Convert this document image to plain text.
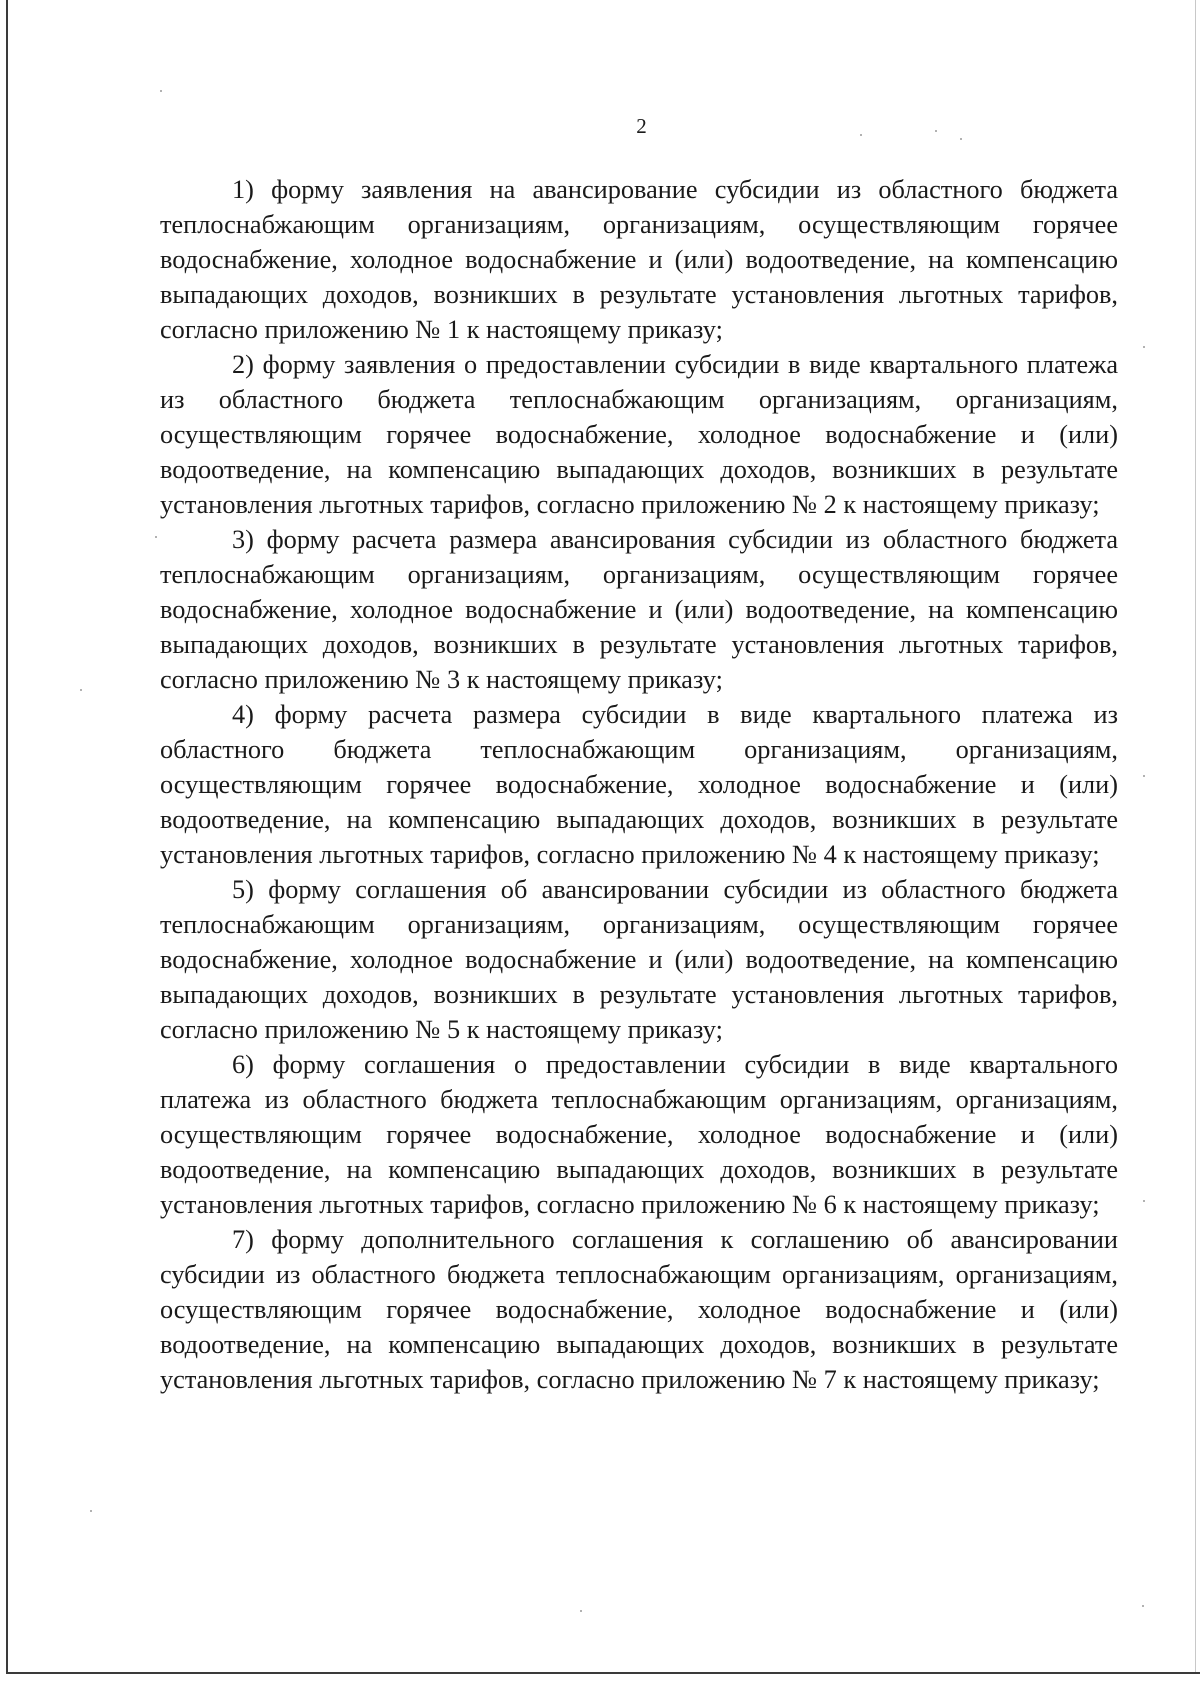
2

1) форму заявления на авансирование субсидии из областного бюджета теплоснабжающим организациям, организациям, осуществляющим горячее водоснабжение, холодное водоснабжение и (или) водоотведение, на компенсацию выпадающих доходов, возникших в результате установления льготных тарифов, согласно приложению № 1 к настоящему приказу;

2) форму заявления о предоставлении субсидии в виде квартального платежа из областного бюджета теплоснабжающим организациям, организациям, осуществляющим горячее водоснабжение, холодное водоснабжение и (или) водоотведение, на компенсацию выпадающих доходов, возникших в результате установления льготных тарифов, согласно приложению № 2 к настоящему приказу;

3) форму расчета размера авансирования субсидии из областного бюджета теплоснабжающим организациям, организациям, осуществляющим горячее водоснабжение, холодное водоснабжение и (или) водоотведение, на компенсацию выпадающих доходов, возникших в результате установления льготных тарифов, согласно приложению № 3 к настоящему приказу;

4) форму расчета размера субсидии в виде квартального платежа из областного бюджета теплоснабжающим организациям, организациям, осуществляющим горячее водоснабжение, холодное водоснабжение и (или) водоотведение, на компенсацию выпадающих доходов, возникших в результате установления льготных тарифов, согласно приложению № 4 к настоящему приказу;

5) форму соглашения об авансировании субсидии из областного бюджета теплоснабжающим организациям, организациям, осуществляющим горячее водоснабжение, холодное водоснабжение и (или) водоотведение, на компенсацию выпадающих доходов, возникших в результате установления льготных тарифов, согласно приложению № 5 к настоящему приказу;

6) форму соглашения о предоставлении субсидии в виде квартального платежа из областного бюджета теплоснабжающим организациям, организациям, осуществляющим горячее водоснабжение, холодное водоснабжение и (или) водоотведение, на компенсацию выпадающих доходов, возникших в результате установления льготных тарифов, согласно приложению № 6 к настоящему приказу;

7) форму дополнительного соглашения к соглашению об авансировании субсидии из областного бюджета теплоснабжающим организациям, организациям, осуществляющим горячее водоснабжение, холодное водоснабжение и (или) водоотведение, на компенсацию выпадающих доходов, возникших в результате установления льготных тарифов, согласно приложению № 7 к настоящему приказу;
